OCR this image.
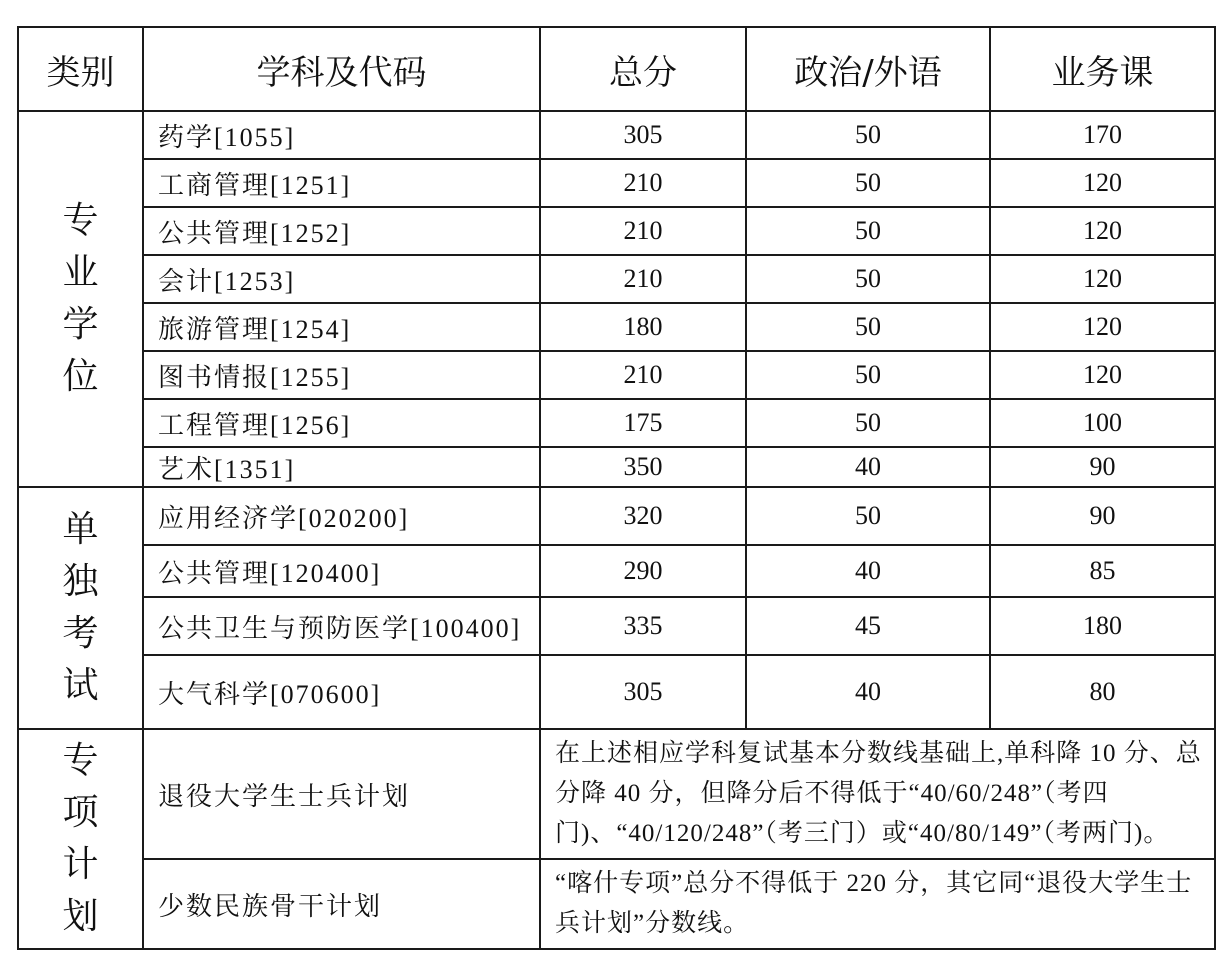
类别	学科及代码	总分	政治/外语	业务课

专
业
学
位	药学[1055]	305	50	170
	工商管理[1251]	210	50	120
	公共管理[1252]	210	50	120
	会计[1253]	210	50	120
	旅游管理[1254]	180	50	120
	图书情报[1255]	210	50	120
	工程管理[1256]	175	50	100
	艺术[1351]	350	40	90

单
独
考
试	应用经济学[020200]	320	50	90
	公共管理[120400]	290	40	85
	公共卫生与预防医学[100400]	335	45	180
	大气科学[070600]	305	40	80

专
项
计
划	退役大学生士兵计划	在上述相应学科复试基本分数线基础上,单科降 10 分、总分降 40 分，但降分后不得低于“40/60/248”（考四门)、“40/120/248”（考三门）或“40/80/149”（考两门)。		
	少数民族骨干计划	“喀什专项”总分不得低于 220 分，其它同“退役大学生士兵计划”分数线。		
